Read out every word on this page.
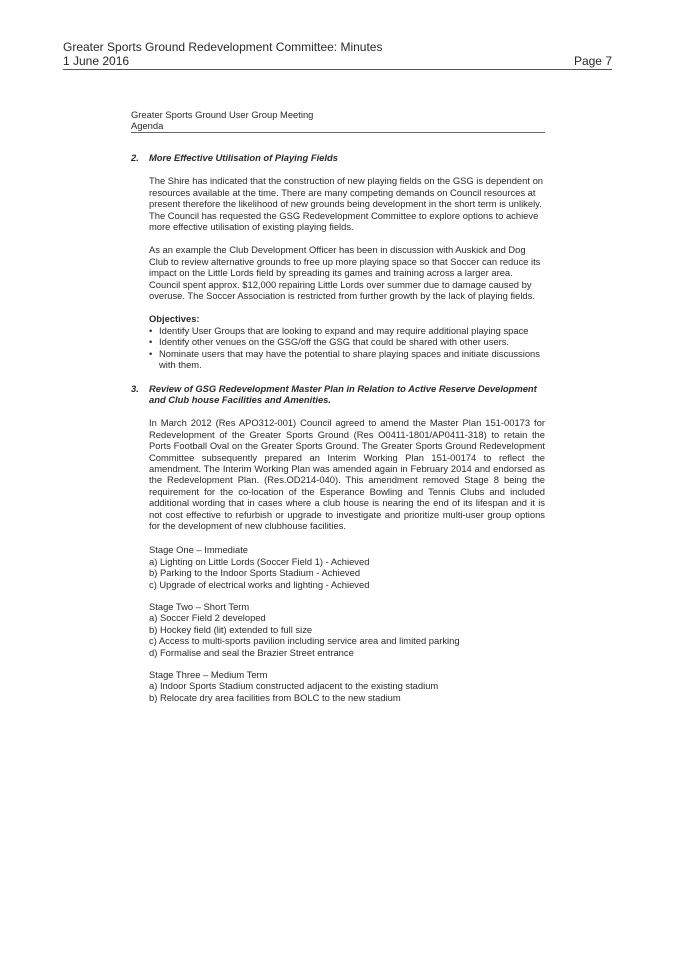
Greater Sports Ground Redevelopment Committee: Minutes
1 June 2016	Page 7
Greater Sports Ground User Group Meeting
Agenda
2. More Effective Utilisation of Playing Fields
The Shire has indicated that the construction of new playing fields on the GSG is dependent on resources available at the time. There are many competing demands on Council resources at present therefore the likelihood of new grounds being development in the short term is unlikely. The Council has requested the GSG Redevelopment Committee to explore options to achieve more effective utilisation of existing playing fields.
As an example the Club Development Officer has been in discussion with Auskick and Dog Club to review alternative grounds to free up more playing space so that Soccer can reduce its impact on the Little Lords field by spreading its games and training across a larger area. Council spent approx. $12,000 repairing Little Lords over summer due to damage caused by overuse. The Soccer Association is restricted from further growth by the lack of playing fields.
Objectives:
• Identify User Groups that are looking to expand and may require additional playing space
• Identify other venues on the GSG/off the GSG that could be shared with other users.
• Nominate users that may have the potential to share playing spaces and initiate discussions with them.
3. Review of GSG Redevelopment Master Plan in Relation to Active Reserve Development and Club house Facilities and Amenities.
In March 2012 (Res APO312-001) Council agreed to amend the Master Plan 151-00173 for Redevelopment of the Greater Sports Ground (Res O0411-1801/AP0411-318) to retain the Ports Football Oval on the Greater Sports Ground. The Greater Sports Ground Redevelopment Committee subsequently prepared an Interim Working Plan 151-00174 to reflect the amendment. The Interim Working Plan was amended again in February 2014 and endorsed as the Redevelopment Plan. (Res.OD214-040). This amendment removed Stage 8 being the requirement for the co-location of the Esperance Bowling and Tennis Clubs and included additional wording that in cases where a club house is nearing the end of its lifespan and it is not cost effective to refurbish or upgrade to investigate and prioritize multi-user group options for the development of new clubhouse facilities.
Stage One – Immediate
a) Lighting on Little Lords (Soccer Field 1) - Achieved
b) Parking to the Indoor Sports Stadium - Achieved
c) Upgrade of electrical works and lighting - Achieved
Stage Two – Short Term
a) Soccer Field 2 developed
b) Hockey field (lit) extended to full size
c) Access to multi-sports pavilion including service area and limited parking
d) Formalise and seal the Brazier Street entrance
Stage Three – Medium Term
a) Indoor Sports Stadium constructed adjacent to the existing stadium
b) Relocate dry area facilities from BOLC to the new stadium
